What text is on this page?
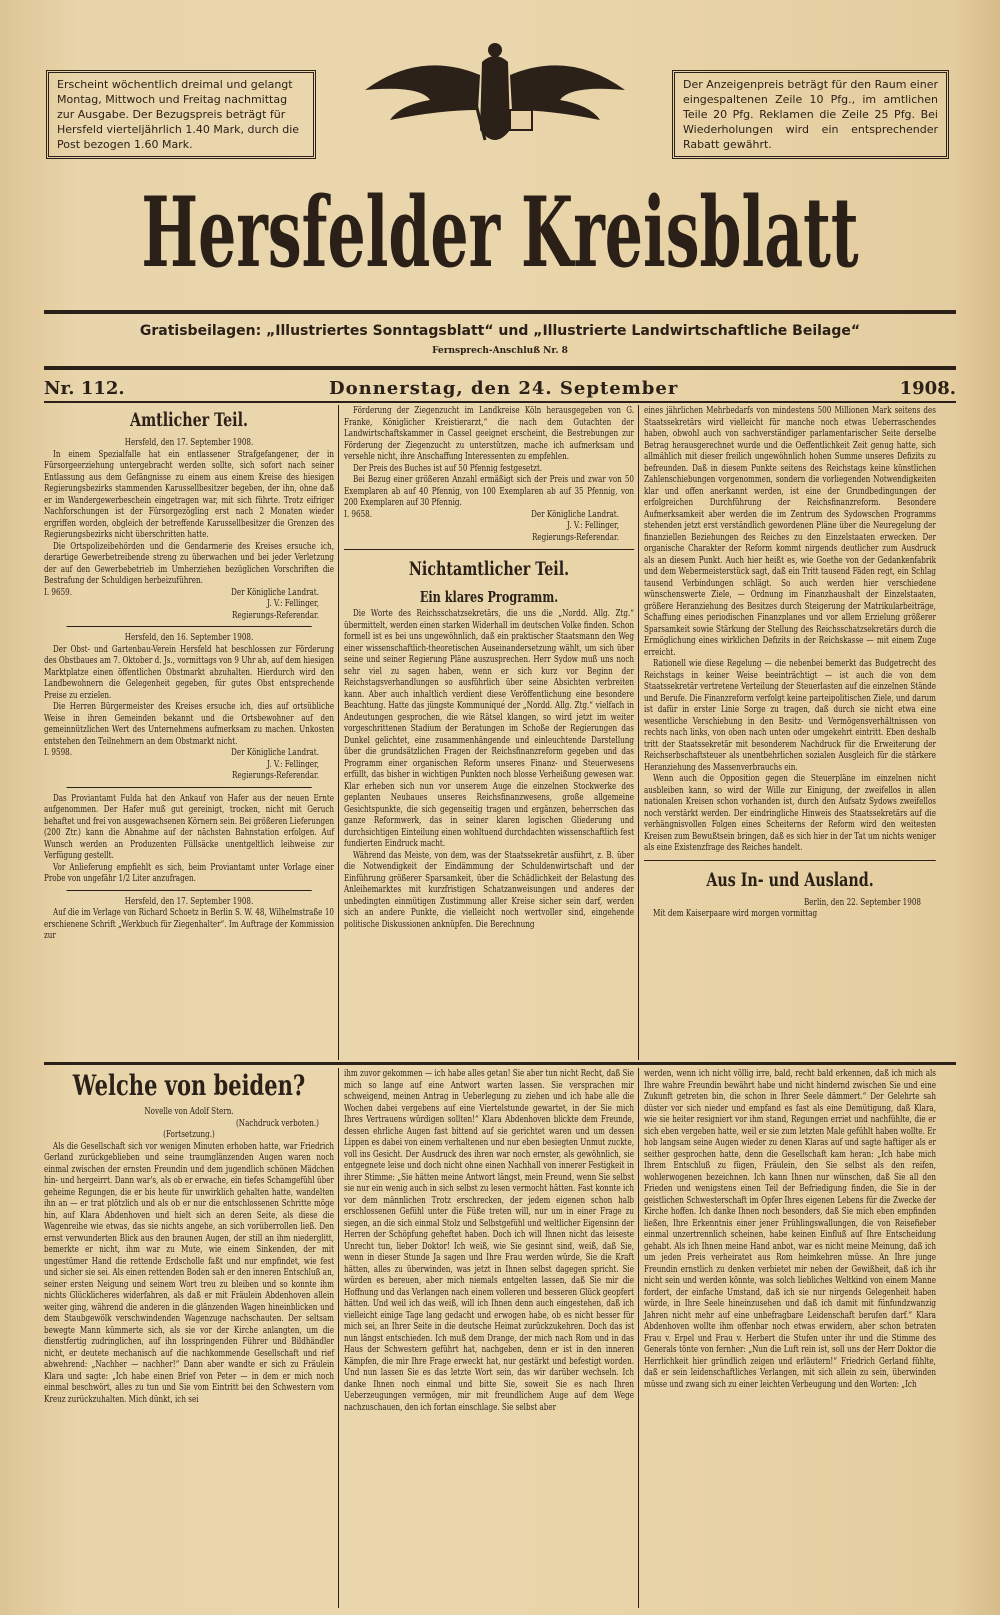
Erscheint wöchentlich dreimal und gelangt Montag, Mittwoch und Freitag nachmittag zur Ausgabe. Der Bezugspreis beträgt für Hersfeld vierteljährlich 1.40 Mark, durch die Post bezogen 1.60 Mark.
Der Anzeigenpreis beträgt für den Raum einer eingespaltenen Zeile 10 Pfg., im amtlichen Teile 20 Pfg. Reklamen die Zeile 25 Pfg. Bei Wiederholungen wird ein entsprechender Rabatt gewährt.
Hersfelder Kreisblatt
Gratisbeilagen: „Illustriertes Sonntagsblatt“ und „Illustrierte Landwirtschaftliche Beilage“
Fernsprech-Anschluß Nr. 8
Nr. 112.	Donnerstag, den 24. September	1908.
Amtlicher Teil.

Hersfeld, den 17. September 1908.

In einem Spezialfalle hat ein entlassener Strafgefangener, der in Fürsorgeerziehung untergebracht werden sollte, sich sofort nach seiner Entlassung aus dem Gefängnisse zu einem aus einem Kreise des hiesigen Regierungsbezirks stammenden Karussellbesitzer begeben, der ihn, ohne daß er im Wandergewerbeschein eingetragen war, mit sich führte. Trotz eifriger Nachforschungen ist der Fürsorgezögling erst nach 2 Monaten wieder ergriffen worden, obgleich der betreffende Karussellbesitzer die Grenzen des Regierungsbezirks nicht überschritten hatte.

Die Ortspolizeibehörden und die Gendarmerie des Kreises ersuche ich, derartige Gewerbetreibende streng zu überwachen und bei jeder Verletzung der auf den Gewerbebetrieb im Umherziehen bezüglichen Vorschriften die Bestrafung der Schuldigen herbeizuführen.

I. 9659.	Der Königliche Landrat.

J. V.: Fellinger,

Regierungs-Referendar.

Hersfeld, den 16. September 1908.

Der Obst- und Gartenbau-Verein Hersfeld hat beschlossen zur Förderung des Obstbaues am 7. Oktober d. Js., vormittags von 9 Uhr ab, auf dem hiesigen Marktplatze einen öffentlichen Obstmarkt abzuhalten. Hierdurch wird den Landbewohnern die Gelegenheit gegeben, für gutes Obst entsprechende Preise zu erzielen.

Die Herren Bürgermeister des Kreises ersuche ich, dies auf ortsübliche Weise in ihren Gemeinden bekannt und die Ortsbewohner auf den gemeinnützlichen Wert des Unternehmens aufmerksam zu machen. Unkosten entstehen den Teilnehmern an dem Obstmarkt nicht.

I. 9598.	Der Königliche Landrat.

J. V.: Fellinger,

Regierungs-Referendar.

Das Proviantamt Fulda hat den Ankauf von Hafer aus der neuen Ernte aufgenommen. Der Hafer muß gut gereinigt, trocken, nicht mit Geruch behaftet und frei von ausgewachsenen Körnern sein. Bei größeren Lieferungen (200 Ztr.) kann die Abnahme auf der nächsten Bahnstation erfolgen. Auf Wunsch werden an Produzenten Füllsäcke unentgeltlich leihweise zur Verfügung gestellt.

Vor Anlieferung empfiehlt es sich, beim Proviantamt unter Vorlage einer Probe von ungefähr 1/2 Liter anzufragen.

Hersfeld, den 17. September 1908.

Auf die im Verlage von Richard Schoetz in Berlin S. W. 48, Wilhelmstraße 10 erschienene Schrift „Werkbuch für Ziegenhalter“. Im Auftrage der Kommission zur

Förderung der Ziegenzucht im Landkreise Köln herausgegeben von G. Franke, Königlicher Kreistierarzt,“ die nach dem Gutachten der Landwirtschaftskammer in Cassel geeignet erscheint, die Bestrebungen zur Förderung der Ziegenzucht zu unterstützen, mache ich aufmerksam und versehle nicht, ihre Anschaffung Interessenten zu empfehlen.

Der Preis des Buches ist auf 50 Pfennig festgesetzt.

Bei Bezug einer größeren Anzahl ermäßigt sich der Preis und zwar von 50 Exemplaren ab auf 40 Pfennig, von 100 Exemplaren ab auf 35 Pfennig, von 200 Exemplaren auf 30 Pfennig.

I. 9658.	Der Königliche Landrat.

J. V.: Fellinger,

Regierungs-Referendar.

Nichtamtlicher Teil.
Ein klares Programm.

Die Worte des Reichsschatzsekretärs, die uns die „Nordd. Allg. Ztg.“ übermittelt, werden einen starken Widerhall im deutschen Volke finden. Schon formell ist es bei uns ungewöhnlich, daß ein praktischer Staatsmann den Weg einer wissenschaftlich-theoretischen Auseinandersetzung wählt, um sich über seine und seiner Regierung Pläne auszusprechen. Herr Sydow muß uns noch sehr viel zu sagen haben, wenn er sich kurz vor Beginn der Reichstagsverhandlungen so ausführlich über seine Absichten verbreiten kann. Aber auch inhaltlich verdient diese Veröffentlichung eine besondere Beachtung. Hatte das jüngste Kommuniqué der „Nordd. Allg. Ztg.“ vielfach in Andeutungen gesprochen, die wie Rätsel klangen, so wird jetzt im weiter vorgeschrittenen Stadium der Beratungen im Schoße der Regierungen das Dunkel gelichtet, eine zusammenhängende und einleuchtende Darstellung über die grundsätzlichen Fragen der Reichsfinanzreform gegeben und das Programm einer organischen Reform unseres Finanz- und Steuerwesens erfüllt, das bisher in wichtigen Punkten noch blosse Verheißung gewesen war. Klar erheben sich nun vor unserem Auge die einzelnen Stockwerke des geplanten Neubaues unseres Reichsfinanzwesens, große allgemeine Gesichtspunkte, die sich gegenseitig tragen und ergänzen, beherrschen das ganze Reformwerk, das in seiner klaren logischen Gliederung und durchsichtigen Einteilung einen wohltuend durchdachten wissenschaftlich fest fundierten Eindruck macht.

Während das Meiste, von dem, was der Staatssekretär ausführt, z. B. über die Notwendigkeit der Eindämmung der Schuldenwirtschaft und der Einführung größerer Sparsamkeit, über die Schädlichkeit der Belastung des Anleihemarktes mit kurzfristigen Schatzanweisungen und anderes der unbedingten einmütigen Zustimmung aller Kreise sicher sein darf, werden sich an andere Punkte, die vielleicht noch wertvoller sind, eingehende politische Diskussionen anknüpfen. Die Berechnung

eines jährlichen Mehrbedarfs von mindestens 500 Millionen Mark seitens des Staatssekretärs wird vielleicht für manche noch etwas Ueberraschendes haben, obwohl auch von sachverständiger parlamentarischer Seite derselbe Betrag herausgerechnet wurde und die Oeffentlichkeit Zeit genug hatte, sich allmählich mit dieser freilich ungewöhnlich hohen Summe unseres Defizits zu befreunden. Daß in diesem Punkte seitens des Reichstags keine künstlichen Zahlenschiebungen vorgenommen, sondern die vorliegenden Notwendigkeiten klar und offen anerkannt werden, ist eine der Grundbedingungen der erfolgreichen Durchführung der Reichsfinanzreform. Besondere Aufmerksamkeit aber werden die im Zentrum des Sydowschen Programms stehenden jetzt erst verständlich gewordenen Pläne über die Neuregelung der finanziellen Beziehungen des Reiches zu den Einzelstaaten erwecken. Der organische Charakter der Reform kommt nirgends deutlicher zum Ausdruck als an diesem Punkt. Auch hier heißt es, wie Goethe von der Gedankenfabrik und dem Webermeisterstück sagt, daß ein Tritt tausend Fäden regt, ein Schlag tausend Verbindungen schlägt. So auch werden hier verschiedene wünschenswerte Ziele, — Ordnung im Finanzhaushalt der Einzelstaaten, größere Heranziehung des Besitzes durch Steigerung der Matrikularbeiträge, Schaffung eines periodischen Finanzplanes und vor allem Erzielung größerer Sparsamkeit sowie Stärkung der Stellung des Reichsschatzsekretärs durch die Ermöglichung eines wirklichen Defizits in der Reichskasse — mit einem Zuge erreicht.

Rationell wie diese Regelung — die nebenbei bemerkt das Budgetrecht des Reichstags in keiner Weise beeinträchtigt — ist auch die von dem Staatssekretär vertretene Verteilung der Steuerlasten auf die einzelnen Stände und Berufe. Die Finanzreform verfolgt keine parteipolitischen Ziele, und darum ist dafür in erster Linie Sorge zu tragen, daß durch sie nicht etwa eine wesentliche Verschiebung in den Besitz- und Vermögensverhältnissen von rechts nach links, von oben nach unten oder umgekehrt eintritt. Eben deshalb tritt der Staatssekretär mit besonderem Nachdruck für die Erweiterung der Reichserbschaftsteuer als unentbehrlichen sozialen Ausgleich für die stärkere Heranziehung des Massenverbrauchs ein.

Wenn auch die Opposition gegen die Steuerpläne im einzelnen nicht ausbleiben kann, so wird der Wille zur Einigung, der zweifellos in allen nationalen Kreisen schon vorhanden ist, durch den Aufsatz Sydows zweifellos noch verstärkt werden. Der eindringliche Hinweis des Staatssekretärs auf die verhängnisvollen Folgen eines Scheiterns der Reform wird den weitesten Kreisen zum Bewußtsein bringen, daß es sich hier in der Tat um nichts weniger als eine Existenzfrage des Reiches handelt.

Aus In- und Ausland.

Berlin, den 22. September 1908

Mit dem Kaiserpaare wird morgen vormittag

Welche von beiden?

Novelle von Adolf Stern.

(Nachdruck verboten.)

(Fortsetzung.)

Als die Gesellschaft sich vor wenigen Minuten erhoben hatte, war Friedrich Gerland zurückgeblieben und seine traumglänzenden Augen waren noch einmal zwischen der ernsten Freundin und dem jugendlich schönen Mädchen hin- und hergeirrt. Dann war's, als ob er erwache, ein tiefes Schamgefühl über geheime Regungen, die er bis heute für unwirklich gehalten hatte, wandelten ihn an — er trat plötzlich und als ob er nur die entschlossenen Schritte möge hin, auf Klara Abdenhoven und hielt sich an deren Seite, als diese die Wagenreihe wie etwas, das sie nichts angehe, an sich vorüberrollen ließ. Den ernst verwunderten Blick aus den braunen Augen, der still an ihm niederglitt, bemerkte er nicht, ihm war zu Mute, wie einem Sinkenden, der mit ungestümer Hand die rettende Erdscholle faßt und nur empfindet, wie fest und sicher sie sei. Als einen rettenden Boden sah er den inneren Entschluß an, seiner ersten Neigung und seinem Wort treu zu bleiben und so konnte ihm nichts Glücklicheres widerfahren, als daß er mit Fräulein Abdenhoven allein weiter ging, während die anderen in die glänzenden Wagen hineinblicken und dem Staubgewölk verschwindenden Wagenzuge nachschauten. Der seltsam bewegte Mann kümmerte sich, als sie vor der Kirche anlangten, um die dienstfertig zudringlichen, auf ihn losspringenden Führer und Bildhändler nicht, er deutete mechanisch auf die nachkommende Gesellschaft und rief abwehrend: „Nachher — nachher!“ Dann aber wandte er sich zu Fräulein Klara und sagte: „Ich habe einen Brief von Peter — in dem er mich noch einmal beschwört, alles zu tun und Sie vom Eintritt bei den Schwestern vom Kreuz zurückzuhalten. Mich dünkt, ich sei

ihm zuvor gekommen — ich habe alles getan! Sie aber tun nicht Recht, daß Sie mich so lange auf eine Antwort warten lassen. Sie versprachen mir schweigend, meinen Antrag in Ueberlegung zu ziehen und ich habe alle die Wochen dabei vergebens auf eine Viertelstunde gewartet, in der Sie mich Ihres Vertrauens würdigen sollten!“ Klara Abdenhoven blickte dem Freunde, dessen ehrliche Augen fast bittend auf sie gerichtet waren und um dessen Lippen es dabei von einem verhaltenen und nur eben besiegten Unmut zuckte, voll ins Gesicht. Der Ausdruck des ihren war noch ernster, als gewöhnlich, sie entgegnete leise und doch nicht ohne einen Nachhall von innerer Festigkeit in ihrer Stimme: „Sie hätten meine Antwort längst, mein Freund, wenn Sie selbst sie nur ein wenig auch in sich selbst zu lesen vermocht hätten. Fast konnte ich vor dem männlichen Trotz erschrecken, der jedem eigenen schon halb erschlossenen Gefühl unter die Füße treten will, nur um in einer Frage zu siegen, an die sich einmal Stolz und Selbstgefühl und weltlicher Eigensinn der Herren der Schöpfung geheftet haben. Doch ich will Ihnen nicht das leiseste Unrecht tun, lieber Doktor! Ich weiß, wie Sie gesinnt sind, weiß, daß Sie, wenn in dieser Stunde Ja sagen und Ihre Frau werden würde, Sie die Kraft hätten, alles zu überwinden, was jetzt in Ihnen selbst dagegen spricht. Sie würden es bereuen, aber mich niemals entgelten lassen, daß Sie mir die Hoffnung und das Verlangen nach einem volleren und besseren Glück geopfert hätten. Und weil ich das weiß, will ich Ihnen denn auch eingestehen, daß ich vielleicht einige Tage lang gedacht und erwogen habe, ob es nicht besser für mich sei, an Ihrer Seite in die deutsche Heimat zurückzukehren. Doch das ist nun längst entschieden. Ich muß dem Drange, der mich nach Rom und in das Haus der Schwestern geführt hat, nachgeben, denn er ist in den inneren Kämpfen, die mir Ihre Frage erweckt hat, nur gestärkt und befestigt worden. Und nun lassen Sie es das letzte Wort sein, das wir darüber wechseln. Ich danke Ihnen noch einmal und bitte Sie, soweit Sie es nach Ihren Ueberzeugungen vermögen, mir mit freundlichem Auge auf dem Wege nachzuschauen, den ich fortan einschlage. Sie selbst aber

werden, wenn ich nicht völlig irre, bald, recht bald erkennen, daß ich mich als Ihre wahre Freundin bewährt habe und nicht hindernd zwischen Sie und eine Zukunft getreten bin, die schon in Ihrer Seele dämmert.“ Der Gelehrte sah düster vor sich nieder und empfand es fast als eine Demütigung, daß Klara, wie sie heiter resigniert vor ihm stand, Regungen erriet und nachfühlte, die er sich eben vergeben hatte, weil er sie zum letzten Male gefühlt haben wollte. Er hob langsam seine Augen wieder zu denen Klaras auf und sagte haftiger als er seither gesprochen hatte, denn die Gesellschaft kam heran: „Ich habe mich Ihrem Entschluß zu fügen, Fräulein, den Sie selbst als den reifen, wohlerwogenen bezeichnen. Ich kann Ihnen nur wünschen, daß Sie all den Frieden und wenigstens einen Teil der Befriedigung finden, die Sie in der geistlichen Schwesterschaft im Opfer Ihres eigenen Lebens für die Zwecke der Kirche hoffen. Ich danke Ihnen noch besonders, daß Sie mich eben empfinden ließen, Ihre Erkenntnis einer jener Frühlingswallungen, die von Reisefieber einmal unzertrennlich scheinen, habe keinen Einfluß auf Ihre Entscheidung gehabt. Als ich Ihnen meine Hand anbot, war es nicht meine Meinung, daß ich um jeden Preis verheiratet aus Rom heimkehren müsse. An Ihre junge Freundin ernstlich zu denken verbietet mir neben der Gewißheit, daß ich ihr nicht sein und werden könnte, was solch liebliches Weltkind von einem Manne fordert, der einfache Umstand, daß ich sie nur nirgends Gelegenheit haben würde, in Ihre Seele hineinzusehen und daß ich damit mit fünfundzwanzig Jahren nicht mehr auf eine unbefragbare Leidenschaft berufen darf.“ Klara Abdenhoven wollte ihm offenbar noch etwas erwidern, aber schon betraten Frau v. Erpel und Frau v. Herbert die Stufen unter ihr und die Stimme des Generals tönte von fernher: „Nun die Luft rein ist, soll uns der Herr Doktor die Herrlichkeit hier gründlich zeigen und erläutern!“ Friedrich Gerland fühlte, daß er sein leidenschaftliches Verlangen, mit sich allein zu sein, überwinden müsse und zwang sich zu einer leichten Verbeugung und den Worten: „Ich
